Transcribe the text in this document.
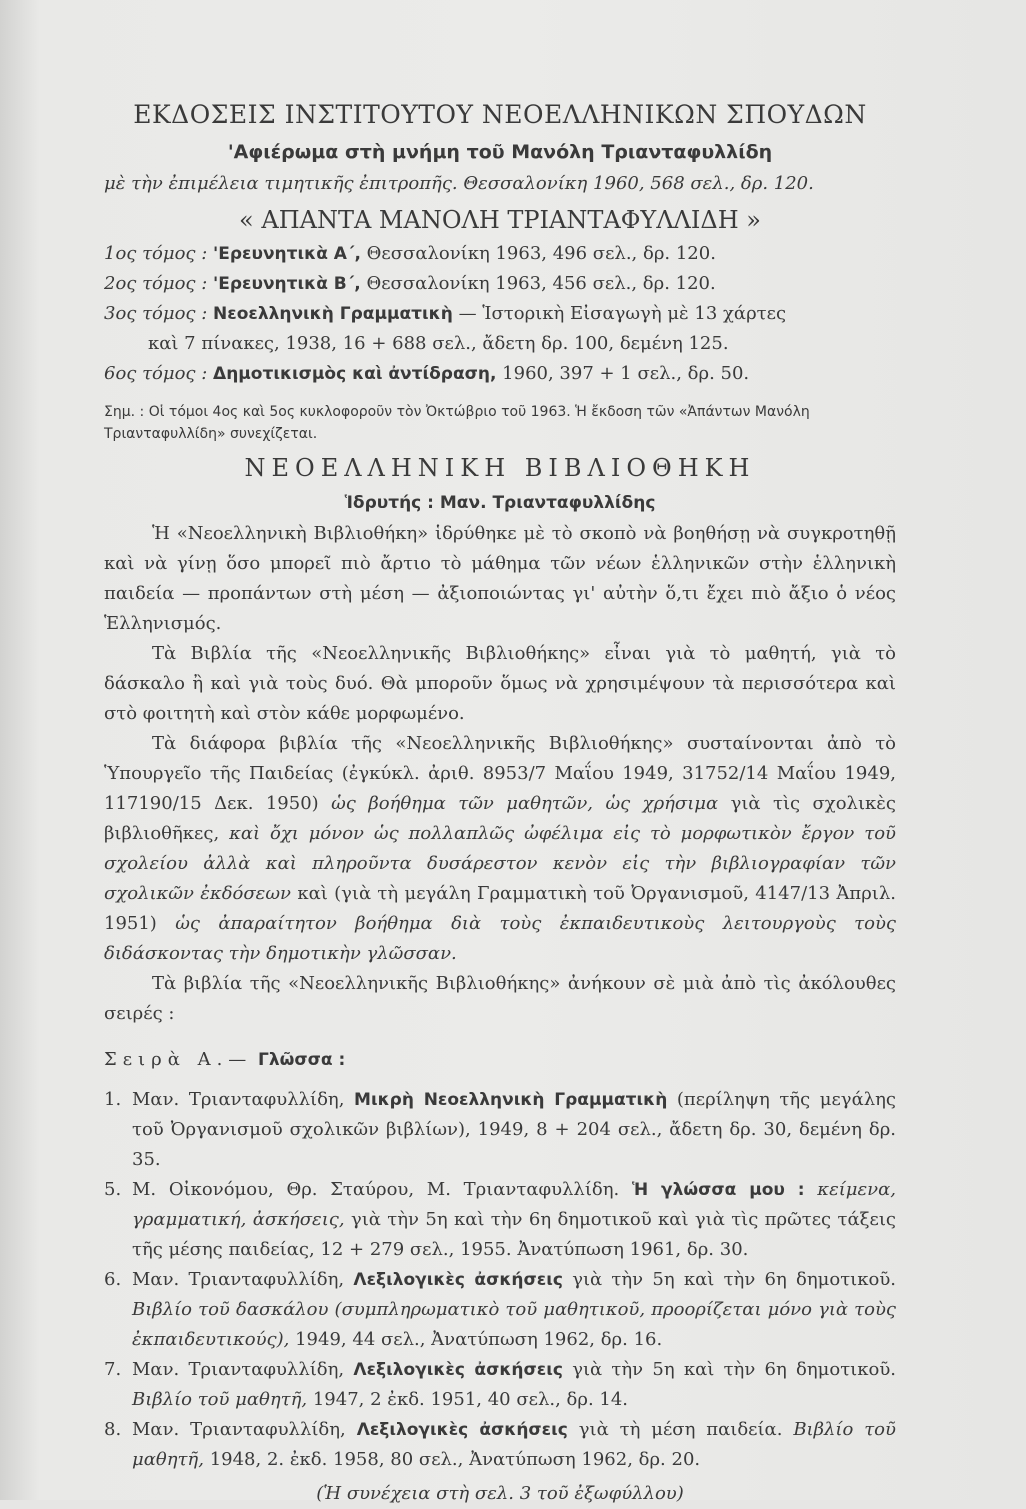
ΕΚΔΟΣΕΙΣ ΙΝΣΤΙΤΟΥΤΟΥ ΝΕΟΕΛΛΗΝΙΚΩΝ ΣΠΟΥΔΩΝ
'Αφιέρωμα στὴ μνήμη τοῦ Μανόλη Τριανταφυλλίδη
μὲ τὴν ἐπιμέλεια τιμητικῆς ἐπιτροπῆς. Θεσσαλονίκη 1960, 568 σελ., δρ. 120.
« ΑΠΑΝΤΑ ΜΑΝΟΛΗ ΤΡΙΑΝΤΑΦΥΛΛΙΔΗ »

1ος τόμος : 'Ερευνητικὰ Α΄, Θεσσαλονίκη 1963, 496 σελ., δρ. 120.

2ος τόμος : 'Ερευνητικὰ Β΄, Θεσσαλονίκη 1963, 456 σελ., δρ. 120.

3ος τόμος : Νεοελληνικὴ Γραμματικὴ — Ἱστορικὴ Εἰσαγωγὴ μὲ 13 χάρτες
καὶ 7 πίνακες, 1938, 16 + 688 σελ., ἄδετη δρ. 100, δεμένη 125.

6ος τόμος : Δημοτικισμὸς καὶ ἀντίδραση, 1960, 397 + 1 σελ., δρ. 50.

Σημ. : Οἱ τόμοι 4ος καὶ 5ος κυκλοφοροῦν τὸν Ὀκτώβριο τοῦ 1963. Ἡ ἔκδοση τῶν «Ἀπάντων Μανόλη Τριανταφυλλίδη» συνεχίζεται.
ΝΕΟΕΛΛΗΝΙΚΗ ΒΙΒΛΙΟΘΗΚΗ
Ἱδρυτής : Μαν. Τριανταφυλλίδης

Ἡ «Νεοελληνικὴ Βιβλιοθήκη» ἱδρύθηκε μὲ τὸ σκοπὸ νὰ βοηθήσῃ νὰ συγκροτηθῇ καὶ νὰ γίνῃ ὅσο μπορεῖ πιὸ ἄρτιο τὸ μάθημα τῶν νέων ἑλληνικῶν στὴν ἑλληνικὴ παιδεία — προπάντων στὴ μέση — ἀξιοποιώντας γι' αὐτὴν ὅ,τι ἔχει πιὸ ἄξιο ὁ νέος Ἑλληνισμός.

Τὰ Βιβλία τῆς «Νεοελληνικῆς Βιβλιοθήκης» εἶναι γιὰ τὸ μαθητή, γιὰ τὸ δάσκαλο ἢ καὶ γιὰ τοὺς δυό. Θὰ μποροῦν ὅμως νὰ χρησιμέψουν τὰ περισσότερα καὶ στὸ φοιτητὴ καὶ στὸν κάθε μορφωμένο.

Τὰ διάφορα βιβλία τῆς «Νεοελληνικῆς Βιβλιοθήκης» συσταίνονται ἀπὸ τὸ Ὑπουργεῖο τῆς Παιδείας (ἐγκύκλ. ἀριθ. 8953/7 Μαΐου 1949, 31752/14 Μαΐου 1949, 117190/15 Δεκ. 1950) ὡς βοήθημα τῶν μαθητῶν, ὡς χρήσιμα γιὰ τὶς σχολικὲς βιβλιοθῆκες, καὶ ὄχι μόνον ὡς πολλαπλῶς ὠφέλιμα εἰς τὸ μορφωτικὸν ἔργον τοῦ σχολείου ἀλλὰ καὶ πληροῦντα δυσάρεστον κενὸν εἰς τὴν βιβλιογραφίαν τῶν σχολικῶν ἐκδόσεων καὶ (γιὰ τὴ μεγάλη Γραμματικὴ τοῦ Ὀργανισμοῦ, 4147/13 Ἀπριλ. 1951) ὡς ἀπαραίτητον βοήθημα διὰ τοὺς ἐκπαιδευτικοὺς λειτουργοὺς τοὺς διδάσκοντας τὴν δημοτικὴν γλῶσσαν.

Τὰ βιβλία τῆς «Νεοελληνικῆς Βιβλιοθήκης» ἀνήκουν σὲ μιὰ ἀπὸ τὶς ἀκόλουθες σειρές :

Σειρὰ Α.— Γλῶσσα :
1. Μαν. Τριανταφυλλίδη, Μικρὴ Νεοελληνικὴ Γραμματικὴ (περίληψη τῆς μεγάλης τοῦ Ὀργανισμοῦ σχολικῶν βιβλίων), 1949, 8 + 204 σελ., ἄδετη δρ. 30, δεμένη δρ. 35.
5. Μ. Οἰκονόμου, Θρ. Σταύρου, Μ. Τριανταφυλλίδη. Ἡ γλώσσα μου : κείμενα, γραμματική, ἀσκήσεις, γιὰ τὴν 5η καὶ τὴν 6η δημοτικοῦ καὶ γιὰ τὶς πρῶτες τάξεις τῆς μέσης παιδείας, 12 + 279 σελ., 1955. Ἀνατύπωση 1961, δρ. 30.
6. Μαν. Τριανταφυλλίδη, Λεξιλογικὲς ἀσκήσεις γιὰ τὴν 5η καὶ τὴν 6η δημοτικοῦ. Βιβλίο τοῦ δασκάλου (συμπληρωματικὸ τοῦ μαθητικοῦ, προορίζεται μόνο γιὰ τοὺς ἐκπαιδευτικούς), 1949, 44 σελ., Ἀνατύπωση 1962, δρ. 16.
7. Μαν. Τριανταφυλλίδη, Λεξιλογικὲς ἀσκήσεις γιὰ τὴν 5η καὶ τὴν 6η δημοτικοῦ. Βιβλίο τοῦ μαθητῆ, 1947, 2 ἐκδ. 1951, 40 σελ., δρ. 14.
8. Μαν. Τριανταφυλλίδη, Λεξιλογικὲς ἀσκήσεις γιὰ τὴ μέση παιδεία. Βιβλίο τοῦ μαθητῆ, 1948, 2. ἐκδ. 1958, 80 σελ., Ἀνατύπωση 1962, δρ. 20.
(Ἡ συνέχεια στὴ σελ. 3 τοῦ ἐξωφύλλου)
